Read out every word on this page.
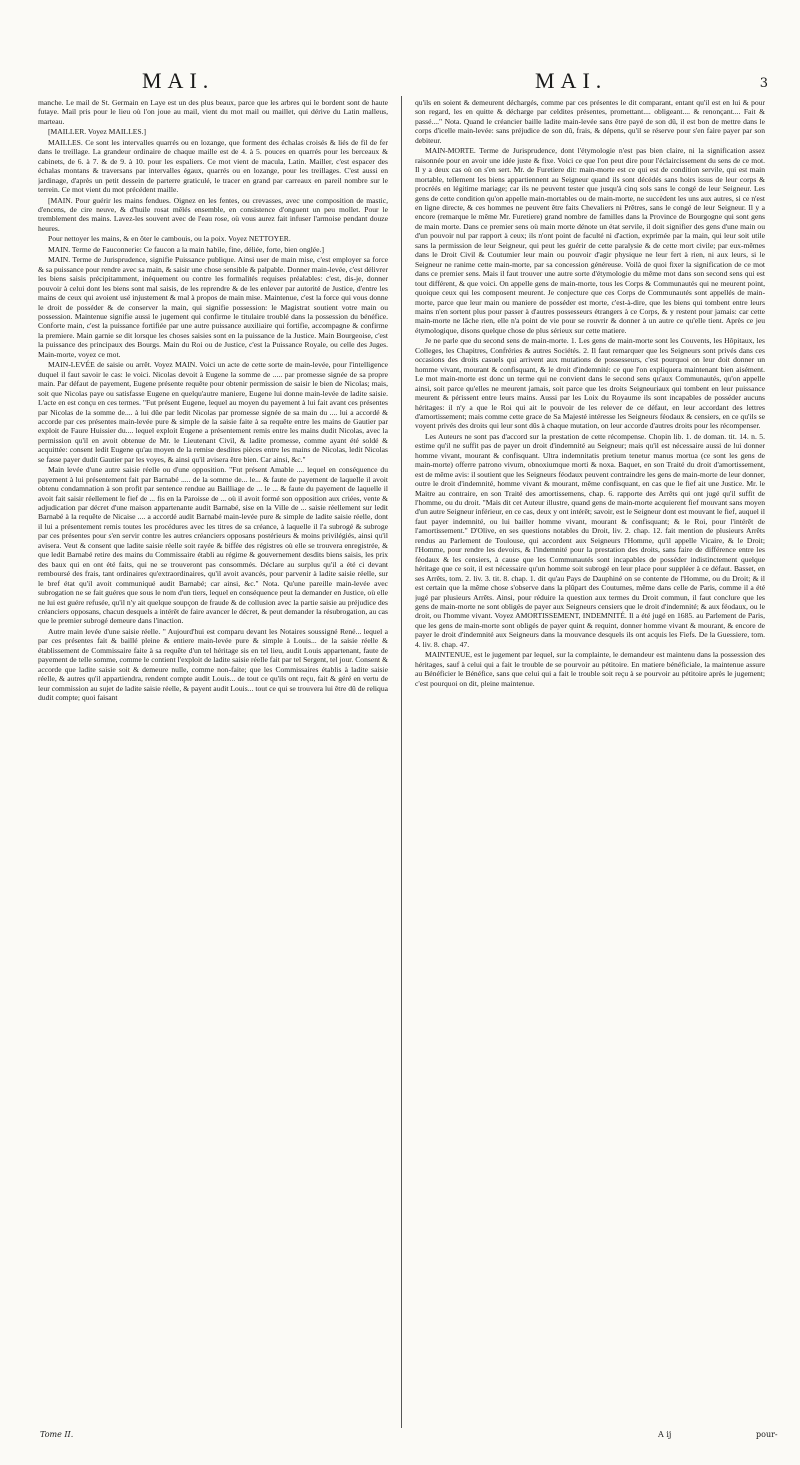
MAI.	MAI.	3

manche. Le mail de St. Germain en Laye est un des plus beaux, parce que les arbres qui le bordent sont de haute futaye. Mail pris pour le lieu où l'on joue au mail, vient du mot mail ou maillet, qui dérive du Latin malleus, marteau.

[MAILLER. Voyez MAILLES.]

MAILLES. Ce sont les intervalles quarrés ou en lozange, que forment des échalas croisés & liés de fil de fer dans le treillage. La grandeur ordinaire de chaque maille est de 4. à 5. pouces en quarrés pour les berceaux & cabinets, de 6. à 7. & de 9. à 10. pour les espaliers. Ce mot vient de macula, Latin. Mailler, c'est espacer des échalas montans & traversans par intervalles égaux, quarrés ou en lozange, pour les treillages. C'est aussi en jardinage, d'après un petit dessein de parterre graticulé, le tracer en grand par carreaux en pareil nombre sur le terrein. Ce mot vient du mot précédent maille.

[MAIN. Pour guérir les mains fendues. Oignez en les fentes, ou crevasses, avec une composition de mastic, d'encens, de cire neuve, & d'huile rosat mêlés ensemble, en consistence d'onguent un peu mollet. Pour le tremblement des mains. Lavez-les souvent avec de l'eau rose, où vous aurez fait infuser l'armoise pendant douze heures.

Pour nettoyer les mains, & en ôter le cambouis, ou la poix. Voyez NETTOYER.

MAIN. Terme de Fauconnerie: Ce faucon a la main habile, fine, déliée, forte, bien onglée.]

MAIN. Terme de Jurisprudence, signifie Puissance publique. Ainsi user de main mise, c'est employer sa force & sa puissance pour rendre avec sa main, & saisir une chose sensible & palpable. Donner main-levée, c'est délivrer les biens saisis précipitamment, inéquement ou contre les formalités requises préalables: c'est, dis-je, donner pouvoir à celui dont les biens sont mal saisis, de les reprendre & de les enlever par autorité de Justice, d'entre les mains de ceux qui avoient usé injustement & mal à propos de main mise. Maintenue, c'est la force qui vous donne le droit de posséder & de conserver la main, qui signifie possession: le Magistrat soutient votre main ou possession. Maintenue signifie aussi le jugement qui confirme le titulaire troublé dans la possession du bénéfice. Conforte main, c'est la puissance fortifiée par une autre puissance auxiliaire qui fortifie, accompagne & confirme la premiere. Main garnie se dit lorsque les choses saisies sont en la puissance de la Justice. Main Bourgeoise, c'est la puissance des principaux des Bourgs. Main du Roi ou de Justice, c'est la Puissance Royale, ou celle des Juges. Main-morte, voyez ce mot.

MAIN-LEVÉE de saisie ou arrêt. Voyez MAIN. Voici un acte de cette sorte de main-levée, pour l'intelligence duquel il faut savoir le cas: le voici. Nicolas devoit à Eugene la somme de ..... par promesse signée de sa propre main. Par défaut de payement, Eugene présente requête pour obtenir permission de saisir le bien de Nicolas; mais, soit que Nicolas paye ou satisfasse Eugene en quelqu'autre maniere, Eugene lui donne main-levée de ladite saisie. L'acte en est conçu en ces termes. "Fut présent Eugene, lequel au moyen du payement à lui fait avant ces présentes par Nicolas de la somme de.... à lui dûe par ledit Nicolas par promesse signée de sa main du .... lui a accordé & accorde par ces présentes main-levée pure & simple de la saisie faite à sa requête entre les mains de Gautier par exploit de Faure Huissier du.... lequel exploit Eugene a présentement remis entre les mains dudit Nicolas, avec la permission qu'il en avoit obtenue de Mr. le Lieutenant Civil, & ladite promesse, comme ayant été soldé & acquittée: consent ledit Eugene qu'au moyen de la remise desdites pièces entre les mains de Nicolas, ledit Nicolas se fasse payer dudit Gautier par les voyes, & ainsi qu'il avisera être bien. Car ainsi, &c."

Main levée d'une autre saisie réelle ou d'une opposition. "Fut présent Amable .... lequel en conséquence du payement à lui présentement fait par Barnabé ..... de la somme de... le... & faute de payement de laquelle il avoit obtenu condamnation à son profit par sentence rendue au Bailliage de ... le ... & faute du payement de laquelle il avoit fait saisir réellement le fief de ... fis en la Paroisse de ... où il avoit formé son opposition aux criées, vente & adjudication par décret d'une maison appartenante audit Barnabé, sise en la Ville de ... saisie réellement sur ledit Barnabé à la requête de Nicaise .... a accordé audit Barnabé main-levée pure & simple de ladite saisie réelle, dont il lui a présentement remis toutes les procédures avec les titres de sa créance, à laquelle il l'a subrogé & subroge par ces présentes pour s'en servir contre les autres créanciers opposans postérieurs & moins privilégiés, ainsi qu'il avisera. Veut & consent que ladite saisie réelle soit rayée & biffée des régistres où elle se trouvera enregistrée, & que ledit Barnabé retire des mains du Commissaire établi au régime & gouvernement desdits biens saisis, les prix des baux qui en ont été faits, qui ne se trouveront pas consommés. Déclare au surplus qu'il a été ci devant remboursé des frais, tant ordinaires qu'extraordinaires, qu'il avoit avancés, pour parvenir à ladite saisie réelle, sur le bref état qu'il avoit communiqué audit Barnabé; car ainsi, &c." Nota. Qu'une pareille main-levée avec subrogation ne se fait guéres que sous le nom d'un tiers, lequel en conséquence peut la demander en Justice, où elle ne lui est guére refusée, qu'il n'y ait quelque soupçon de fraude & de collusion avec la partie saisie au préjudice des créanciers opposans, chacun desquels a intérêt de faire avancer le décret, & peut demander la résubrogation, au cas que le premier subrogé demeure dans l'inaction.

Autre main levée d'une saisie réelle. " Aujourd'hui est comparu devant les Notaires soussigné René... lequel a par ces présentes fait & baillé pleine & entiere main-levée pure & simple à Louis... de la saisie réelle & établissement de Commissaire faite à sa requête d'un tel héritage sis en tel lieu, audit Louis appartenant, faute de payement de telle somme, comme le contient l'exploit de ladite saisie réelle fait par tel Sergent, tel jour. Consent & accorde que ladite saisie soit & demeure nulle, comme non-faite; que les Commissaires établis à ladite saisie réelle, & autres qu'il appartiendra, rendent compte audit Louis... de tout ce qu'ils ont reçu, fait & géré en vertu de leur commission au sujet de ladite saisie réelle, & payent audit Louis... tout ce qui se trouvera lui être dû de reliqua dudit compte; quoi faisant

qu'ils en soient & demeurent déchargés, comme par ces présentes le dit comparant, entant qu'il est en lui & pour son regard, les en quitte & décharge par celdites présentes, promettant.... obligeant.... & renonçant.... Fait & passé...." Nota. Quand le créancier baille ladite main-levée sans être payé de son dû, il est bon de mettre dans le corps d'icelle main-levée: sans préjudice de son dû, frais, & dépens, qu'il se réserve pour s'en faire payer par son debiteur.

MAIN-MORTE. Terme de Jurisprudence, dont l'étymologie n'est pas bien claire, ni la signification assez raisonnée pour en avoir une idée juste & fixe. Voici ce que l'on peut dire pour l'éclaircissement du sens de ce mot. Il y a deux cas où on s'en sert. Mr. de Furetiere dit: main-morte est ce qui est de condition servile, qui est main mortable, tellement les biens appartiennent au Seigneur quand ils sont décédés sans hoirs issus de leur corps & procréés en légitime mariage; car ils ne peuvent tester que jusqu'à cinq sols sans le congé de leur Seigneur. Les gens de cette condition qu'on appelle main-mortables ou de main-morte, ne succèdent les uns aux autres, si ce n'est en ligne directe, & ces hommes ne peuvent être faits Chevaliers ni Prêtres, sans le congé de leur Seigneur. Il y a encore (remarque le même Mr. Furetiere) grand nombre de familles dans la Province de Bourgogne qui sont gens de main morte. Dans ce premier sens où main morte dénote un état servile, il doit signifier des gens d'une main ou d'un pouvoir nul par rapport à ceux; ils n'ont point de faculté ni d'action, exprimée par la main, qui leur soit utile sans la permission de leur Seigneur, qui peut les guérir de cette paralysie & de cette mort civile; par eux-mêmes dans le Droit Civil & Coutumier leur main ou pouvoir d'agir physique ne leur fert à rien, ni aux leurs, si le Seigneur ne ranime cette main-morte, par sa concession généreuse. Voilà de quoi fixer la signification de ce mot dans ce premier sens. Mais il faut trouver une autre sorte d'étymologie du même mot dans son second sens qui est tout différent, & que voici. On appelle gens de main-morte, tous les Corps & Communautés qui ne meurent point, quoique ceux qui les composent meurent. Je conjecture que ces Corps de Communautés sont appellés de main-morte, parce que leur main ou maniere de posséder est morte, c'est-à-dire, que les biens qui tombent entre leurs mains n'en sortent plus pour passer à d'autres possesseurs étrangers à ce Corps, & y restent pour jamais: car cette main-morte ne lâche rien, elle n'a point de vie pour se rouvrir & donner à un autre ce qu'elle tient. Après ce jeu étymologique, disons quelque chose de plus sérieux sur cette matiere.

Je ne parle que du second sens de main-morte. 1. Les gens de main-morte sont les Couvents, les Hôpitaux, les Colleges, les Chapitres, Confréries & autres Sociétés. 2. Il faut remarquer que les Seigneurs sont privés dans ces occasions des droits casuels qui arrivent aux mutations de possesseurs, c'est pourquoi on leur doit donner un homme vivant, mourant & confisquant, & le droit d'indemnité: ce que l'on expliquera maintenant bien aisément. Le mot main-morte est donc un terme qui ne convient dans le second sens qu'aux Communautés, qu'on appelle ainsi, soit parce qu'elles ne meurent jamais, soit parce que les droits Seigneuriaux qui tombent en leur puissance meurent & périssent entre leurs mains. Aussi par les Loix du Royaume ils sont incapables de posséder aucuns héritages: il n'y a que le Roi qui ait le pouvoir de les relever de ce défaut, en leur accordant des lettres d'amortissement; mais comme cette grace de Sa Majesté intéresse les Seigneurs féodaux & censiers, en ce qu'ils se voyent privés des droits qui leur sont dûs à chaque mutation, on leur accorde d'autres droits pour les récompenser.

Les Auteurs ne sont pas d'accord sur la prestation de cette récompense. Chopin lib. 1. de doman. tit. 14. n. 5. estime qu'il ne suffit pas de payer un droit d'indemnité au Seigneur; mais qu'il est nécessaire aussi de lui donner homme vivant, mourant & confisquant. Ultra indemnitatis pretium tenetur manus mortua (ce sont les gens de main-morte) offerre patrono vivum, obnoxiumque morti & noxa. Baquet, en son Traité du droit d'amortissement, est de même avis: il soutient que les Seigneurs féodaux peuvent contraindre les gens de main-morte de leur donner, outre le droit d'indemnité, homme vivant & mourant, même confisquant, en cas que le fief ait une Justice. Mr. le Maitre au contraire, en son Traité des amortissemens, chap. 6. rapporte des Arrêts qui ont jugé qu'il suffit de l'homme, ou du droit. "Mais dit cet Auteur illustre, quand gens de main-morte acquierent fief mouvant sans moyen d'un autre Seigneur inférieur, en ce cas, deux y ont intérêt; savoir, est le Seigneur dont est mouvant le fief, auquel il faut payer indemnité, ou lui bailler homme vivant, mourant & confisquant; & le Roi, pour l'intérêt de l'amortissement." D'Olive, en ses questions notables du Droit, liv. 2. chap. 12. fait mention de plusieurs Arrêts rendus au Parlement de Toulouse, qui accordent aux Seigneurs l'Homme, qu'il appelle Vicaire, & le Droit; l'Homme, pour rendre les devoirs, & l'indemnité pour la prestation des droits, sans faire de différence entre les féodaux & les censiers, à cause que les Communautés sont incapables de posséder indistinctement quelque héritage que ce soit, il est nécessaire qu'un homme soit subrogé en leur place pour suppléer à ce défaut. Basset, en ses Arrêts, tom. 2. liv. 3. tit. 8. chap. 1. dit qu'au Pays de Dauphiné on se contente de l'Homme, ou du Droit; & il est certain que la même chose s'observe dans la plûpart des Coutumes, même dans celle de Paris, comme il a été jugé par plusieurs Arrêts. Ainsi, pour réduire la question aux termes du Droit commun, il faut conclure que les gens de main-morte ne sont obligés de payer aux Seigneurs censiers que le droit d'indemnité; & aux féodaux, ou le droit, ou l'homme vivant. Voyez AMORTISSEMENT, INDEMNITÉ. Il a été jugé en 1685. au Parlement de Paris, que les gens de main-morte sont obligés de payer quint & requint, donner homme vivant & mourant, & encore de payer le droit d'indemnité aux Seigneurs dans la mouvance desquels ils ont acquis les Fiefs. De la Guessiere, tom. 4. liv. 8. chap. 47.

MAINTENUE, est le jugement par lequel, sur la complainte, le demandeur est maintenu dans la possession des héritages, sauf à celui qui a fait le trouble de se pourvoir au pétitoire. En matiere bénéficiale, la maintenue assure au Bénéficier le Bénéfice, sans que celui qui a fait le trouble soit reçu à se pourvoir au pétitoire après le jugement; c'est pourquoi on dit, pleine maintenue.

Tome II.	A ij	pour-
